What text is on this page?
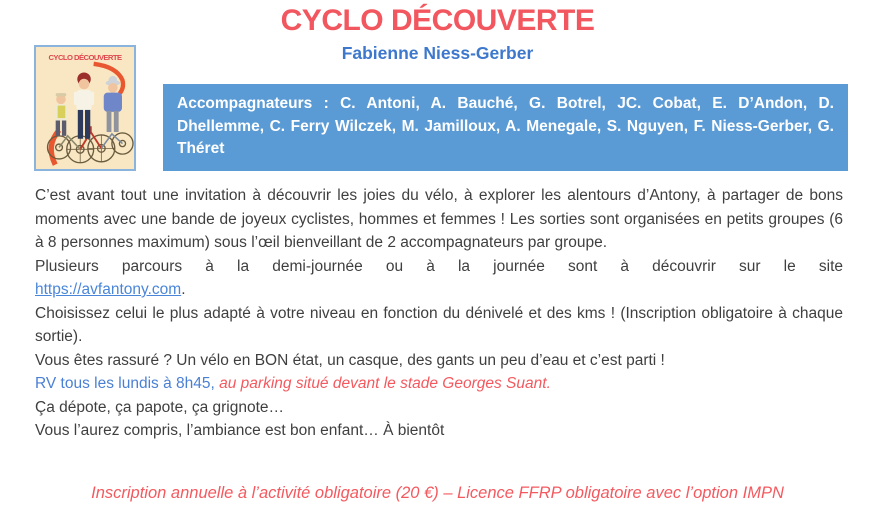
CYCLO DÉCOUVERTE
Fabienne Niess-Gerber
CYCLO DÉCOUVERTE
Accompagnateurs : C. Antoni, A. Bauché, G. Botrel, JC. Cobat, E. D’Andon, D. Dhellemme, C. Ferry Wilczek, M. Jamilloux, A. Menegale, S. Nguyen, F. Niess-Gerber, G. Théret

C’est avant tout une invitation à découvrir les joies du vélo, à explorer les alentours d’Antony, à partager de bons moments avec une bande de joyeux cyclistes, hommes et femmes ! Les sorties sont organisées en petits groupes (6 à 8 personnes maximum) sous l’œil bienveillant de 2 accompagnateurs par groupe.

Plusieurs parcours à la demi-journée ou à la journée sont à découvrir sur le site

https://avfantony.com.

Choisissez celui le plus adapté à votre niveau en fonction du dénivelé et des kms ! (Inscription obligatoire à chaque sortie).

Vous êtes rassuré ? Un vélo en BON état, un casque, des gants un peu d’eau et c’est parti !

RV tous les lundis à 8h45, au parking situé devant le stade Georges Suant.

Ça dépote, ça papote, ça grignote…

Vous l’aurez compris, l’ambiance est bon enfant… À bientôt

Inscription annuelle à l’activité obligatoire (20 €) – Licence FFRP obligatoire avec l’option IMPN
